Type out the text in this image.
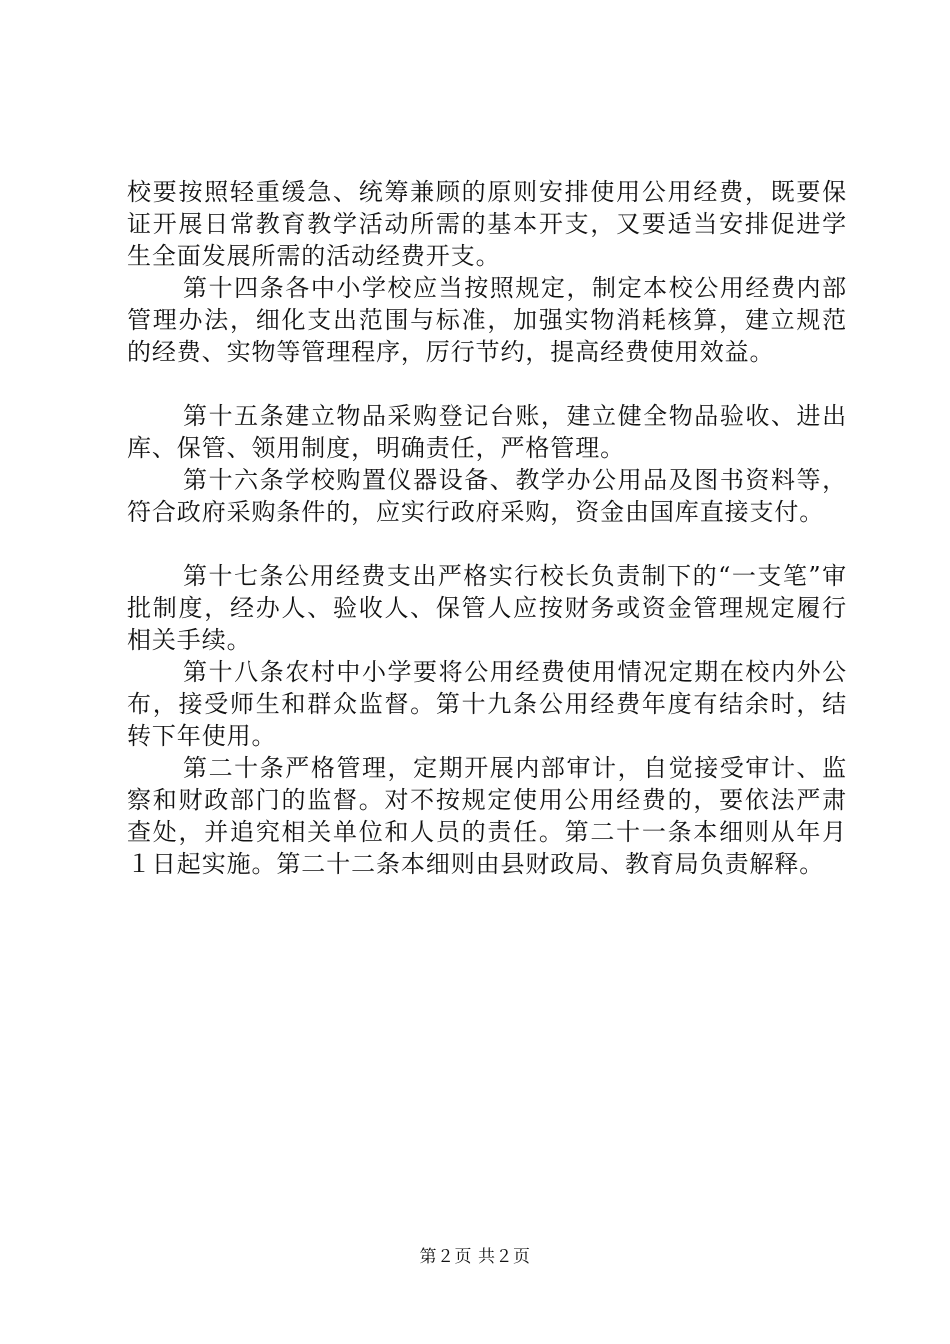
校要按照轻重缓急、统筹兼顾的原则安排使用公用经费，既要保证开展日常教育教学活动所需的基本开支，又要适当安排促进学生全面发展所需的活动经费开支。

第十四条各中小学校应当按照规定，制定本校公用经费内部管理办法，细化支出范围与标准，加强实物消耗核算，建立规范的经费、实物等管理程序，厉行节约，提高经费使用效益。

第十五条建立物品采购登记台账，建立健全物品验收、进出库、保管、领用制度，明确责任，严格管理。

第十六条学校购置仪器设备、教学办公用品及图书资料等，符合政府采购条件的，应实行政府采购，资金由国库直接支付。

第十七条公用经费支出严格实行校长负责制下的“一支笔”审批制度，经办人、验收人、保管人应按财务或资金管理规定履行相关手续。

第十八条农村中小学要将公用经费使用情况定期在校内外公布，接受师生和群众监督。第十九条公用经费年度有结余时，结转下年使用。

第二十条严格管理，定期开展内部审计，自觉接受审计、监察和财政部门的监督。对不按规定使用公用经费的，要依法严肃查处，并追究相关单位和人员的责任。第二十一条本细则从年月１日起实施。第二十二条本细则由县财政局、教育局负责解释。

第２页 共２页
